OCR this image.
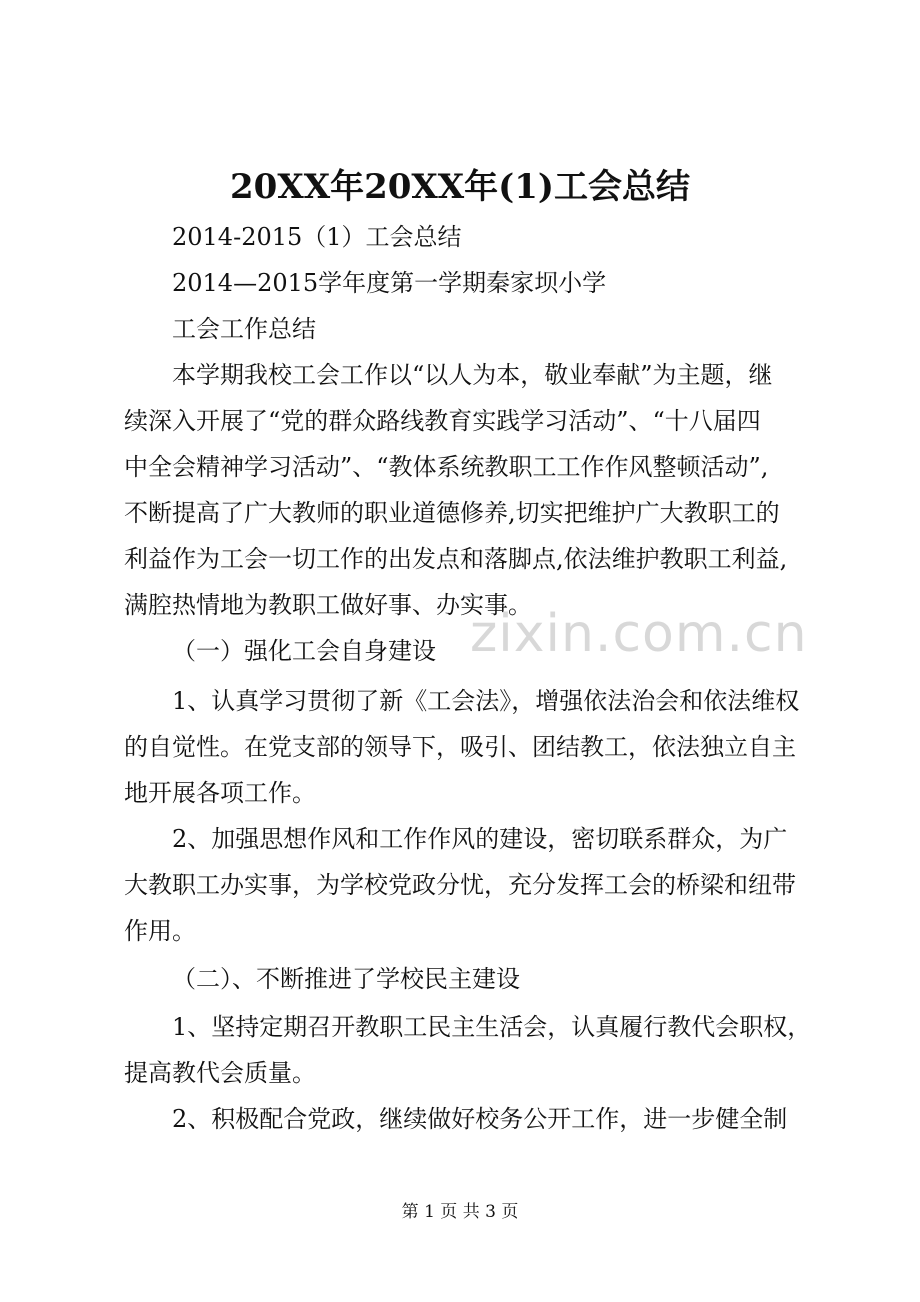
20XX年20XX年(1)工会总结
2014-2015（1）工会总结
2014—2015学年度第一学期秦家坝小学
工会工作总结
本学期我校工会工作以“以人为本，敬业奉献”为主题，继
续深入开展了“党的群众路线教育实践学习活动”、“十八届四
中全会精神学习活动”、“教体系统教职工工作作风整顿活动”,
不断提高了广大教师的职业道德修养,切实把维护广大教职工的
利益作为工会一切工作的出发点和落脚点,依法维护教职工利益,
满腔热情地为教职工做好事、办实事。
（一）强化工会自身建设
1、认真学习贯彻了新《工会法》，增强依法治会和依法维权
的自觉性。在党支部的领导下，吸引、团结教工，依法独立自主
地开展各项工作。
2、加强思想作风和工作作风的建设，密切联系群众，为广
大教职工办实事，为学校党政分忧，充分发挥工会的桥梁和纽带
作用。
（二）、不断推进了学校民主建设
1、坚持定期召开教职工民主生活会，认真履行教代会职权，
提高教代会质量。
2、积极配合党政，继续做好校务公开工作，进一步健全制
zixin.com.cn
第 1 页 共 3 页
